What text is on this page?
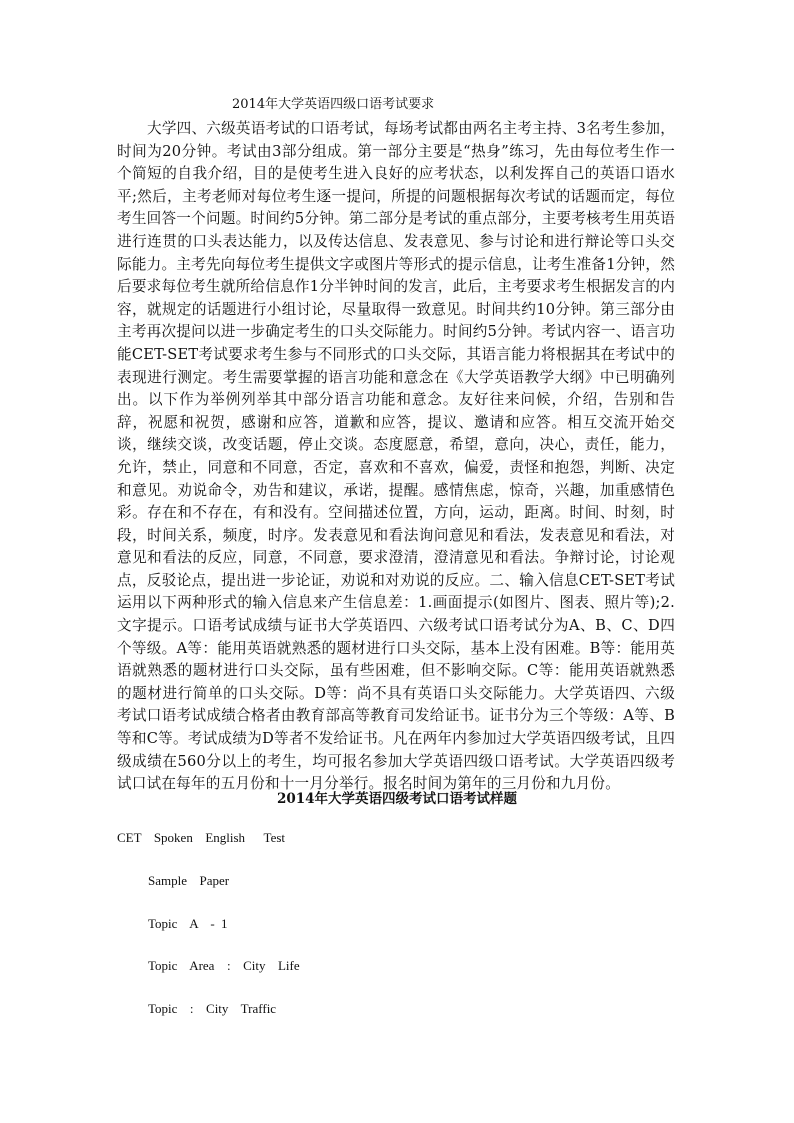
2014年大学英语四级口语考试要求

大学四、六级英语考试的口语考试，每场考试都由两名主考主持、3名考生参加，时间为20分钟。考试由3部分组成。第一部分主要是“热身”练习，先由每位考生作一个简短的自我介绍，目的是使考生进入良好的应考状态，以利发挥自己的英语口语水平;然后，主考老师对每位考生逐一提问，所提的问题根据每次考试的话题而定，每位考生回答一个问题。时间约5分钟。第二部分是考试的重点部分，主要考核考生用英语进行连贯的口头表达能力，以及传达信息、发表意见、参与讨论和进行辩论等口头交际能力。主考先向每位考生提供文字或图片等形式的提示信息，让考生准备1分钟，然后要求每位考生就所给信息作1分半钟时间的发言，此后，主考要求考生根据发言的内容，就规定的话题进行小组讨论，尽量取得一致意见。时间共约10分钟。第三部分由主考再次提问以进一步确定考生的口头交际能力。时间约5分钟。考试内容一、语言功能CET-SET考试要求考生参与不同形式的口头交际，其语言能力将根据其在考试中的表现进行测定。考生需要掌握的语言功能和意念在《大学英语教学大纲》中已明确列出。以下作为举例列举其中部分语言功能和意念。友好往来问候，介绍，告别和告辞，祝愿和祝贺，感谢和应答，道歉和应答，提议、邀请和应答。相互交流开始交谈，继续交谈，改变话题，停止交谈。态度愿意，希望，意向，决心，责任，能力，允许，禁止，同意和不同意，否定，喜欢和不喜欢，偏爱，责怪和抱怨，判断、决定和意见。劝说命令，劝告和建议，承诺，提醒。感情焦虑，惊奇，兴趣，加重感情色彩。存在和不存在，有和没有。空间描述位置，方向，运动，距离。时间、时刻，时段，时间关系，频度，时序。发表意见和看法询问意见和看法，发表意见和看法，对意见和看法的反应，同意，不同意，要求澄清，澄清意见和看法。争辩讨论，讨论观点，反驳论点，提出进一步论证，劝说和对劝说的反应。二、输入信息CET-SET考试运用以下两种形式的输入信息来产生信息差：1.画面提示(如图片、图表、照片等);2.文字提示。口语考试成绩与证书大学英语四、六级考试口语考试分为A、B、C、D四个等级。A等：能用英语就熟悉的题材进行口头交际，基本上没有困难。B等：能用英语就熟悉的题材进行口头交际，虽有些困难，但不影响交际。C等：能用英语就熟悉的题材进行简单的口头交际。D等：尚不具有英语口头交际能力。大学英语四、六级考试口语考试成绩合格者由教育部高等教育司发给证书。证书分为三个等级：A等、B等和C等。考试成绩为D等者不发给证书。凡在两年内参加过大学英语四级考试，且四级成绩在560分以上的考生，均可报名参加大学英语四级口语考试。大学英语四级考试口试在每年的五月份和十一月分举行。报名时间为第年的三月份和九月份。

2014年大学英语四级考试口语考试样题
CET  Spoken  English   Test
Sample  Paper
Topic  A  - 1
Topic  Area  :  City  Life
Topic  :  City  Traffic
